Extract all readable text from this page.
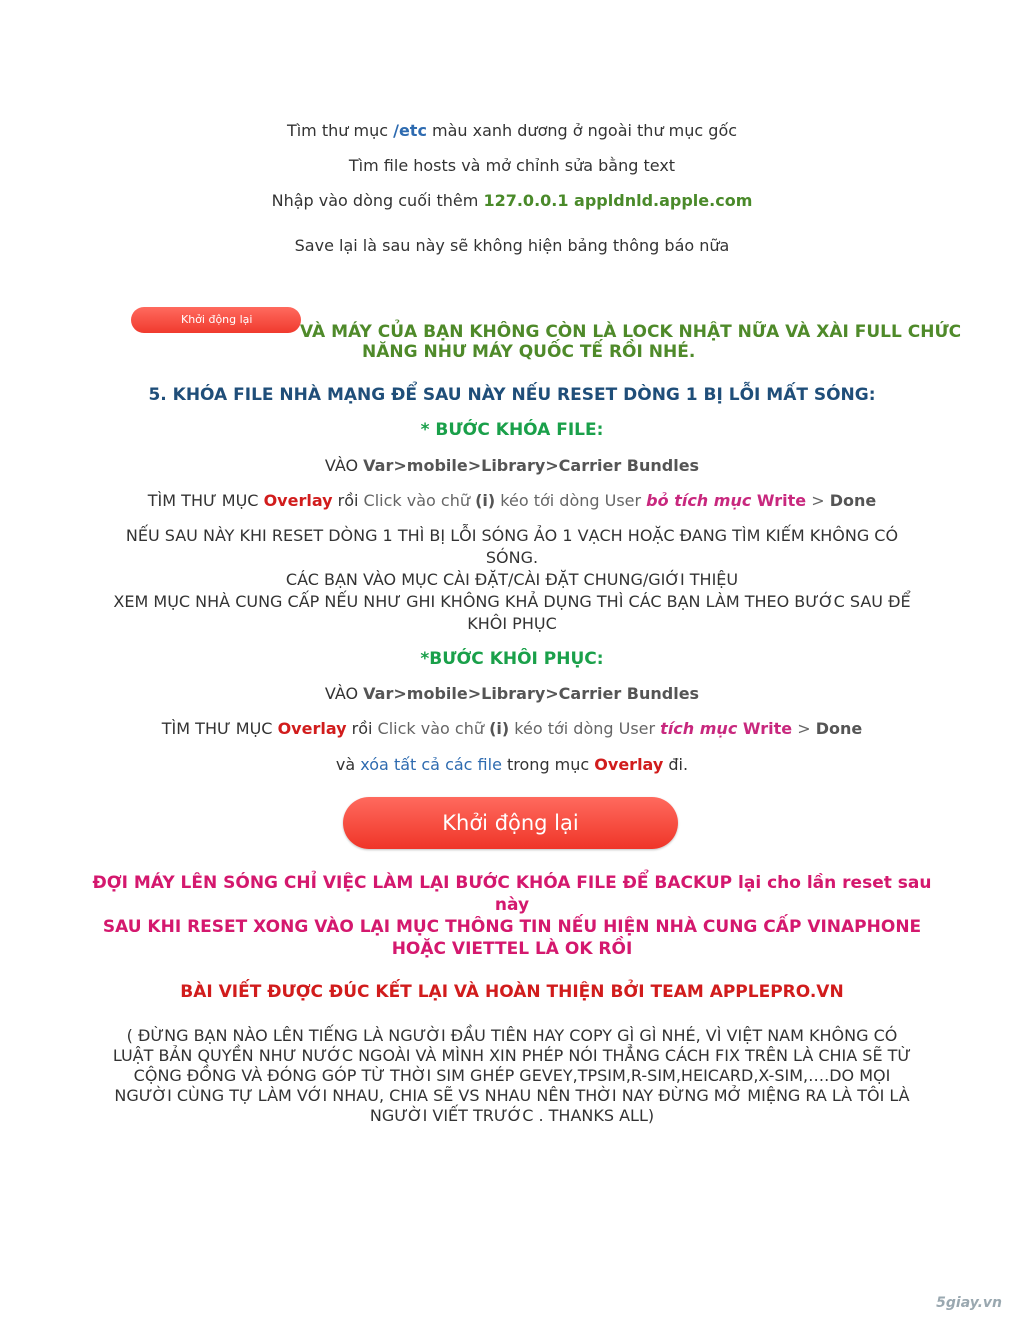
Tìm thư mục /etc màu xanh dương ở ngoài thư mục gốc
Tìm file hosts và mở chỉnh sửa bằng text
Nhập vào dòng cuối thêm 127.0.0.1 appldnld.apple.com
Save lại là sau này sẽ không hiện bảng thông báo nữa
Khởi động lại
VÀ MÁY CỦA BẠN KHÔNG CÒN LÀ LOCK NHẬT NỮA VÀ XÀI FULL CHỨC
NĂNG NHƯ MÁY QUỐC TẾ RỒI NHÉ.
5. KHÓA FILE NHÀ MẠNG ĐỂ SAU NÀY NẾU RESET DÒNG 1 BỊ LỖI MẤT SÓNG:
* BƯỚC KHÓA FILE:
VÀO Var>mobile>Library>Carrier Bundles
TÌM THƯ MỤC Overlay rồi Click vào chữ (i) kéo tới dòng User bỏ tích mục Write > Done
NẾU SAU NÀY KHI RESET DÒNG 1 THÌ BỊ LỖI SÓNG ẢO 1 VẠCH HOẶC ĐANG TÌM KIẾM KHÔNG CÓ
SÓNG.
CÁC BẠN VÀO MỤC CÀI ĐẶT/CÀI ĐẶT CHUNG/GIỚI THIỆU
XEM MỤC NHÀ CUNG CẤP NẾU NHƯ GHI KHÔNG KHẢ DỤNG THÌ CÁC BẠN LÀM THEO BƯỚC SAU ĐỂ
KHÔI PHỤC
*BƯỚC KHÔI PHỤC:
VÀO Var>mobile>Library>Carrier Bundles
TÌM THƯ MỤC Overlay rồi Click vào chữ (i) kéo tới dòng User tích mục Write > Done
và xóa tất cả các file trong mục Overlay đi.
Khởi động lại
ĐỢI MÁY LÊN SÓNG CHỈ VIỆC LÀM LẠI BƯỚC KHÓA FILE ĐỂ BACKUP lại cho lần reset sau
này
SAU KHI RESET XONG VÀO LẠI MỤC THÔNG TIN NẾU HIỆN NHÀ CUNG CẤP VINAPHONE
HOẶC VIETTEL LÀ OK RỒI
BÀI VIẾT ĐƯỢC ĐÚC KẾT LẠI VÀ HOÀN THIỆN BỞI TEAM APPLEPRO.VN
( ĐỪNG BẠN NÀO LÊN TIẾNG LÀ NGƯỜI ĐẦU TIÊN HAY COPY GÌ GÌ NHÉ, VÌ VIỆT NAM KHÔNG CÓ
LUẬT BẢN QUYỀN NHƯ NƯỚC NGOÀI VÀ MÌNH XIN PHÉP NÓI THẲNG CÁCH FIX TRÊN LÀ CHIA SẼ TỪ
CỘNG ĐỒNG VÀ ĐÓNG GÓP TỪ THỜI SIM GHÉP GEVEY,TPSIM,R-SIM,HEICARD,X-SIM,….DO MỌI
NGƯỜI CÙNG TỰ LÀM VỚI NHAU, CHIA SẼ VS NHAU NÊN THỜI NAY ĐỪNG MỞ MIỆNG RA LÀ TÔI LÀ
NGƯỜI VIẾT TRƯỚC . THANKS ALL)
5giay.vn
